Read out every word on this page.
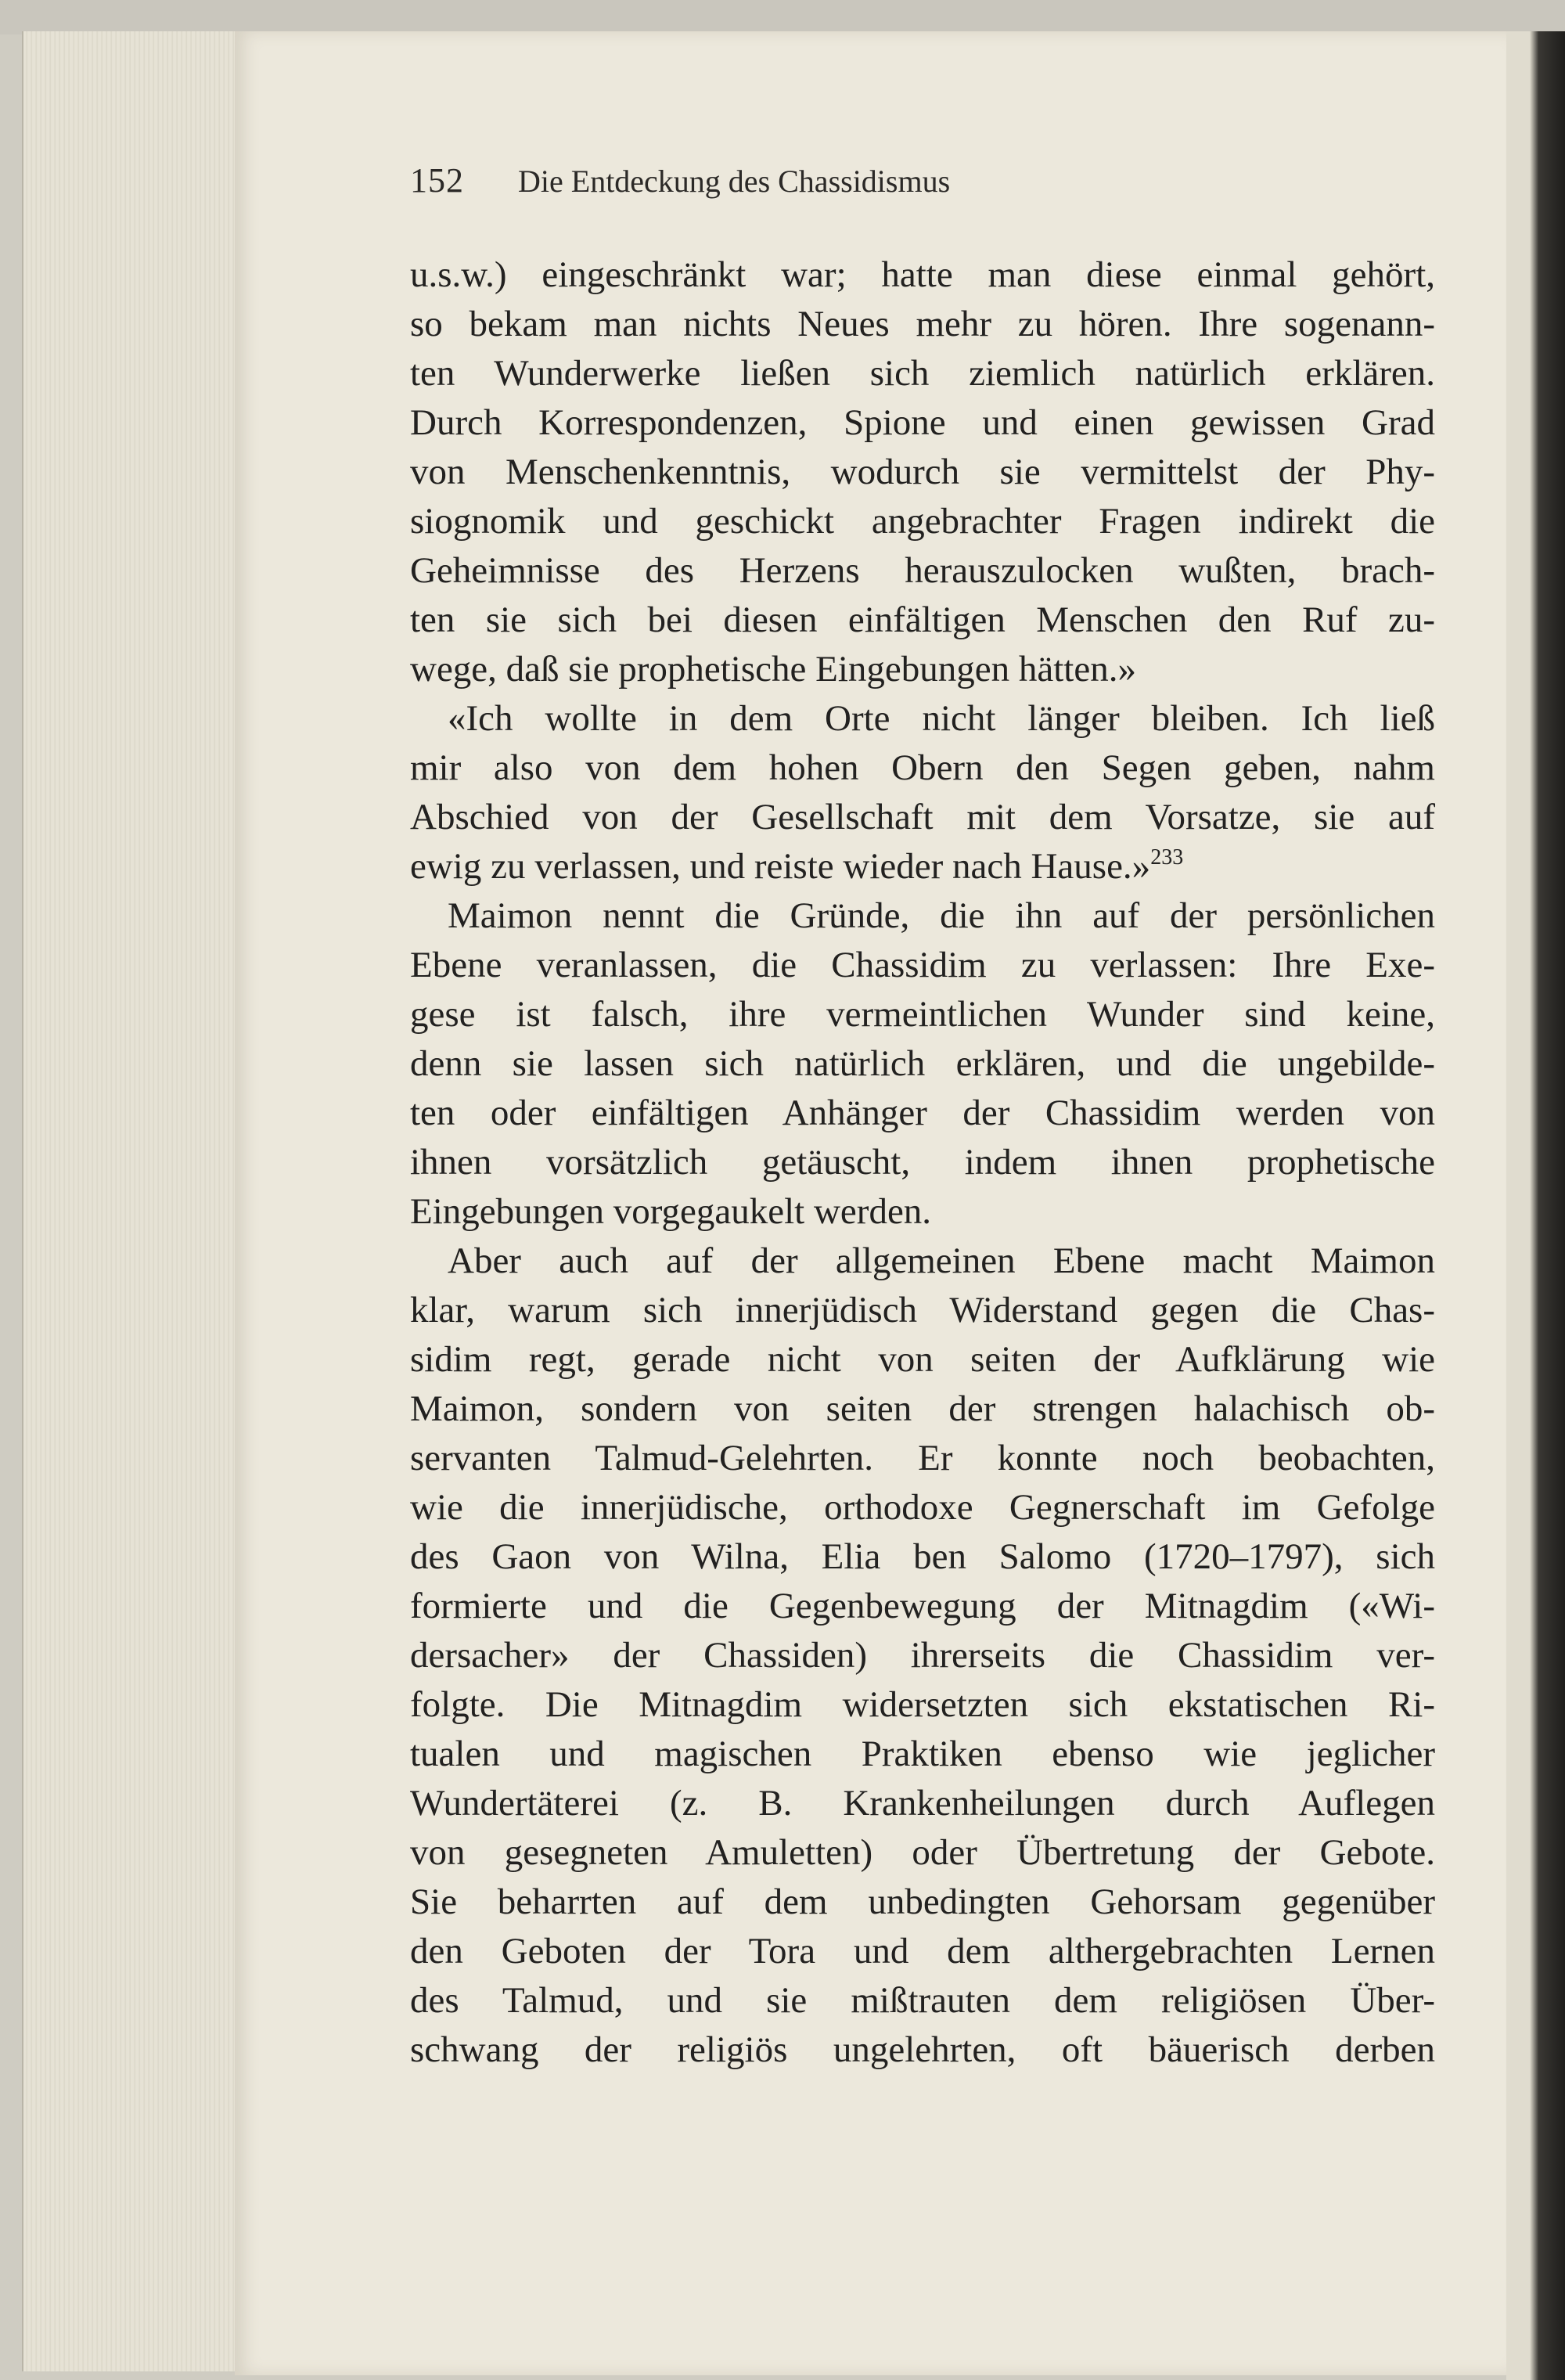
152 Die Entdeckung des Chassidismus
u.s.w.) eingeschränkt war; hatte man diese einmal gehört,
so bekam man nichts Neues mehr zu hören. Ihre sogenann-
ten Wunderwerke ließen sich ziemlich natürlich erklären.
Durch Korrespondenzen, Spione und einen gewissen Grad
von Menschenkenntnis, wodurch sie vermittelst der Phy-
siognomik und geschickt angebrachter Fragen indirekt die
Geheimnisse des Herzens herauszulocken wußten, brach-
ten sie sich bei diesen einfältigen Menschen den Ruf zu-
wege, daß sie prophetische Eingebungen hätten.»
«Ich wollte in dem Orte nicht länger bleiben. Ich ließ
mir also von dem hohen Obern den Segen geben, nahm
Abschied von der Gesellschaft mit dem Vorsatze, sie auf
ewig zu verlassen, und reiste wieder nach Hause.»$^{233}$
Maimon nennt die Gründe, die ihn auf der persönlichen
Ebene veranlassen, die Chassidim zu verlassen: Ihre Exe-
gese ist falsch, ihre vermeintlichen Wunder sind keine,
denn sie lassen sich natürlich erklären, und die ungebilde-
ten oder einfältigen Anhänger der Chassidim werden von
ihnen vorsätzlich getäuscht, indem ihnen prophetische
Eingebungen vorgegaukelt werden.
Aber auch auf der allgemeinen Ebene macht Maimon
klar, warum sich innerjüdisch Widerstand gegen die Chas-
sidim regt, gerade nicht von seiten der Aufklärung wie
Maimon, sondern von seiten der strengen halachisch ob-
servanten Talmud-Gelehrten. Er konnte noch beobachten,
wie die innerjüdische, orthodoxe Gegnerschaft im Gefolge
des Gaon von Wilna, Elia ben Salomo (1720–1797), sich
formierte und die Gegenbewegung der Mitnagdim («Wi-
dersacher» der Chassiden) ihrerseits die Chassidim ver-
folgte. Die Mitnagdim widersetzten sich ekstatischen Ri-
tualen und magischen Praktiken ebenso wie jeglicher
Wundertäterei (z. B. Krankenheilungen durch Auflegen
von gesegneten Amuletten) oder Übertretung der Gebote.
Sie beharrten auf dem unbedingten Gehorsam gegenüber
den Geboten der Tora und dem althergebrachten Lernen
des Talmud, und sie mißtrauten dem religiösen Über-
schwang der religiös ungelehrten, oft bäuerisch derben
